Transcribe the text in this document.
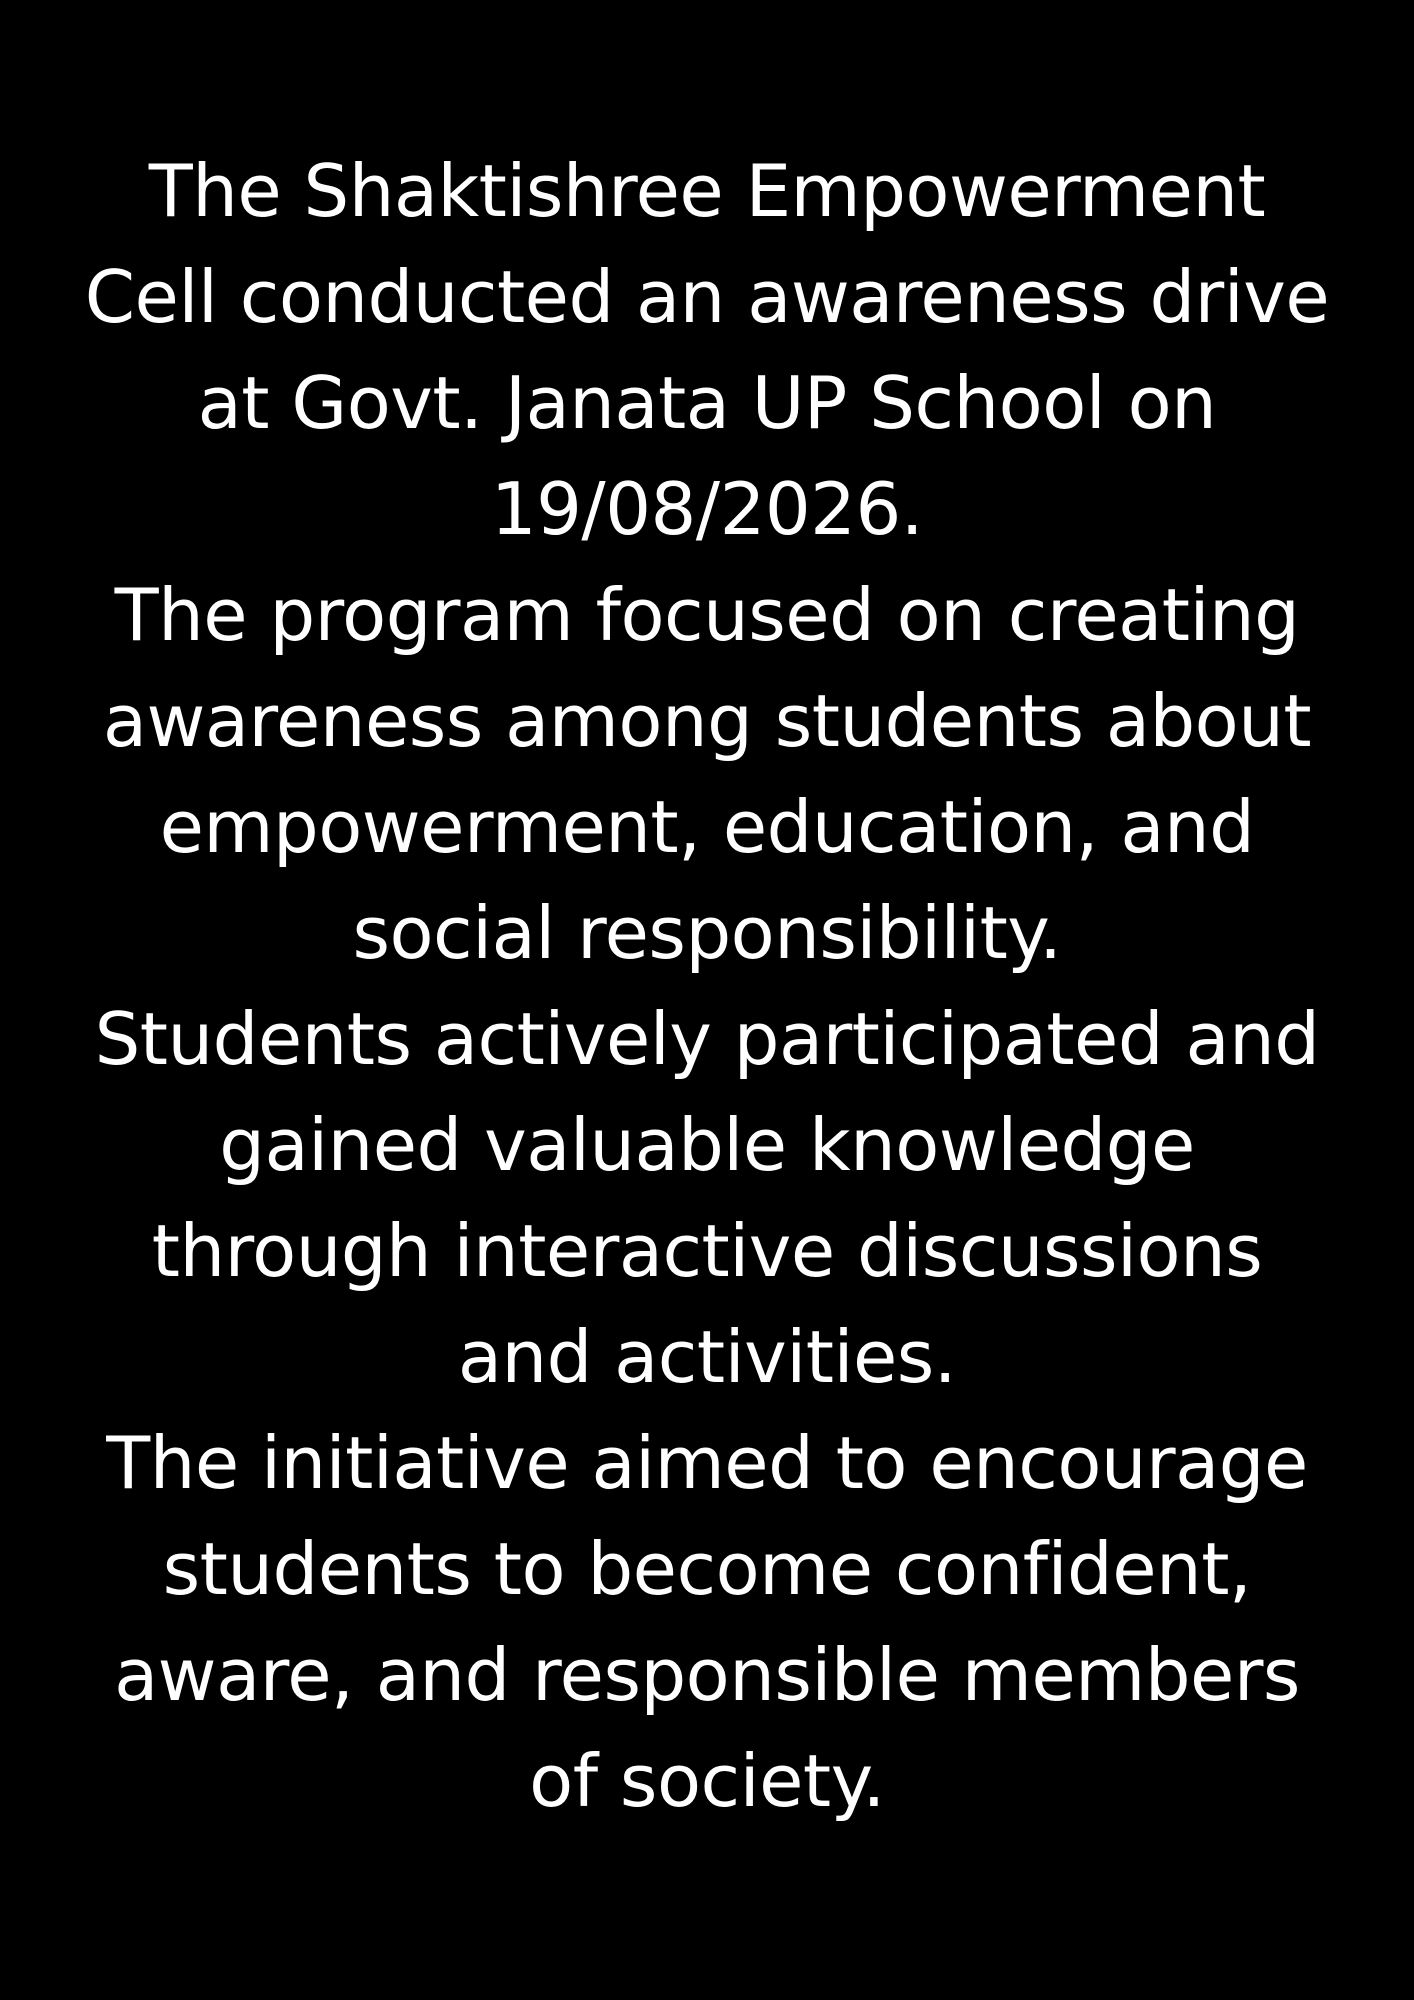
The Shaktishree Empowerment Cell conducted an awareness drive at Govt. Janata UP School on 19/08/2026.

The program focused on creating awareness among students about empowerment, education, and social responsibility.

Students actively participated and gained valuable knowledge through interactive discussions and activities.

The initiative aimed to encourage students to become confident, aware, and responsible members of society.
